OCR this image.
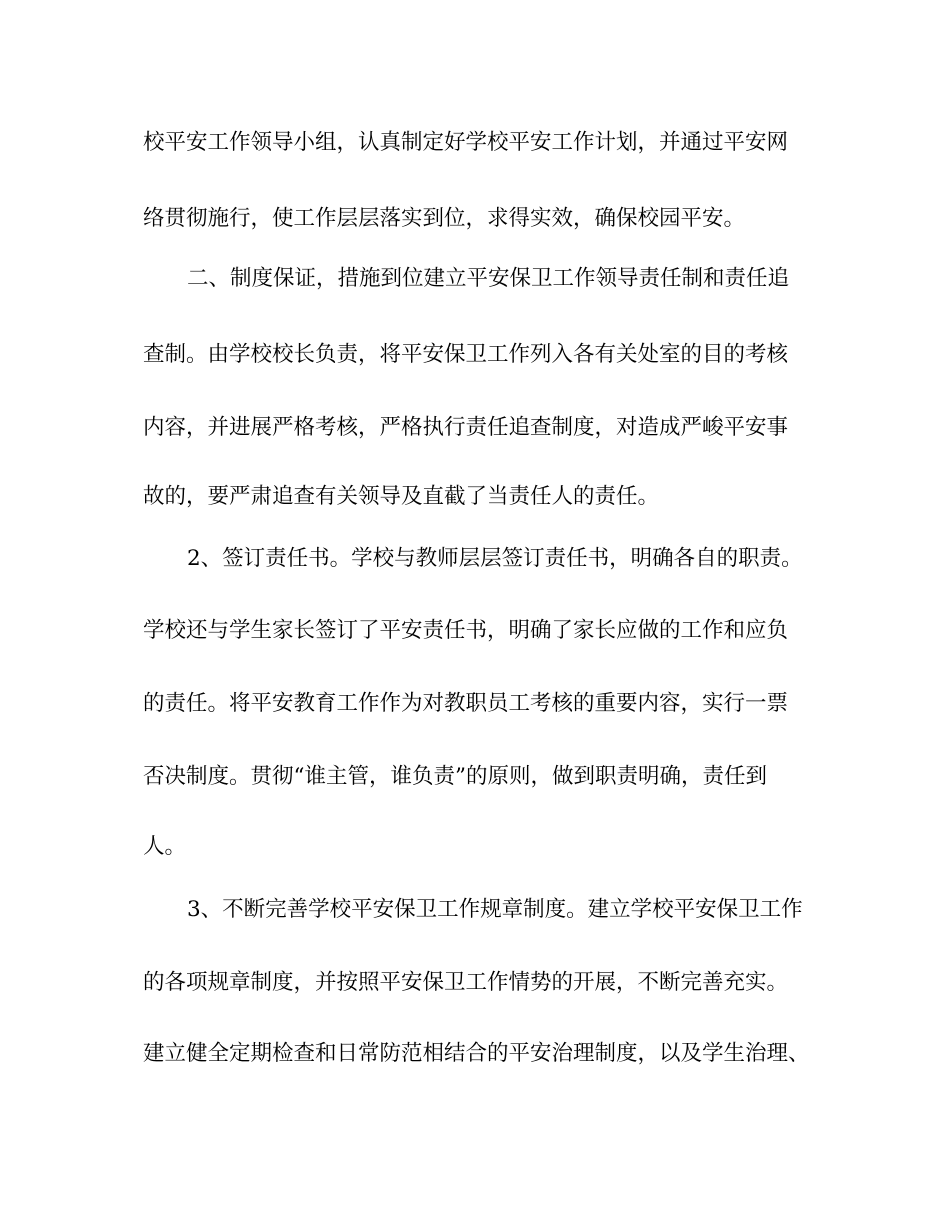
校平安工作领导小组，认真制定好学校平安工作计划，并通过平安网
络贯彻施行，使工作层层落实到位，求得实效，确保校园平安。
二、制度保证，措施到位建立平安保卫工作领导责任制和责任追
查制。由学校校长负责，将平安保卫工作列入各有关处室的目的考核
内容，并进展严格考核，严格执行责任追查制度，对造成严峻平安事
故的，要严肃追查有关领导及直截了当责任人的责任。
2、签订责任书。学校与教师层层签订责任书，明确各自的职责。
学校还与学生家长签订了平安责任书，明确了家长应做的工作和应负
的责任。将平安教育工作作为对教职员工考核的重要内容，实行一票
否决制度。贯彻“谁主管，谁负责”的原则，做到职责明确，责任到
人。
3、不断完善学校平安保卫工作规章制度。建立学校平安保卫工作
的各项规章制度，并按照平安保卫工作情势的开展，不断完善充实。
建立健全定期检查和日常防范相结合的平安治理制度，以及学生治理、
